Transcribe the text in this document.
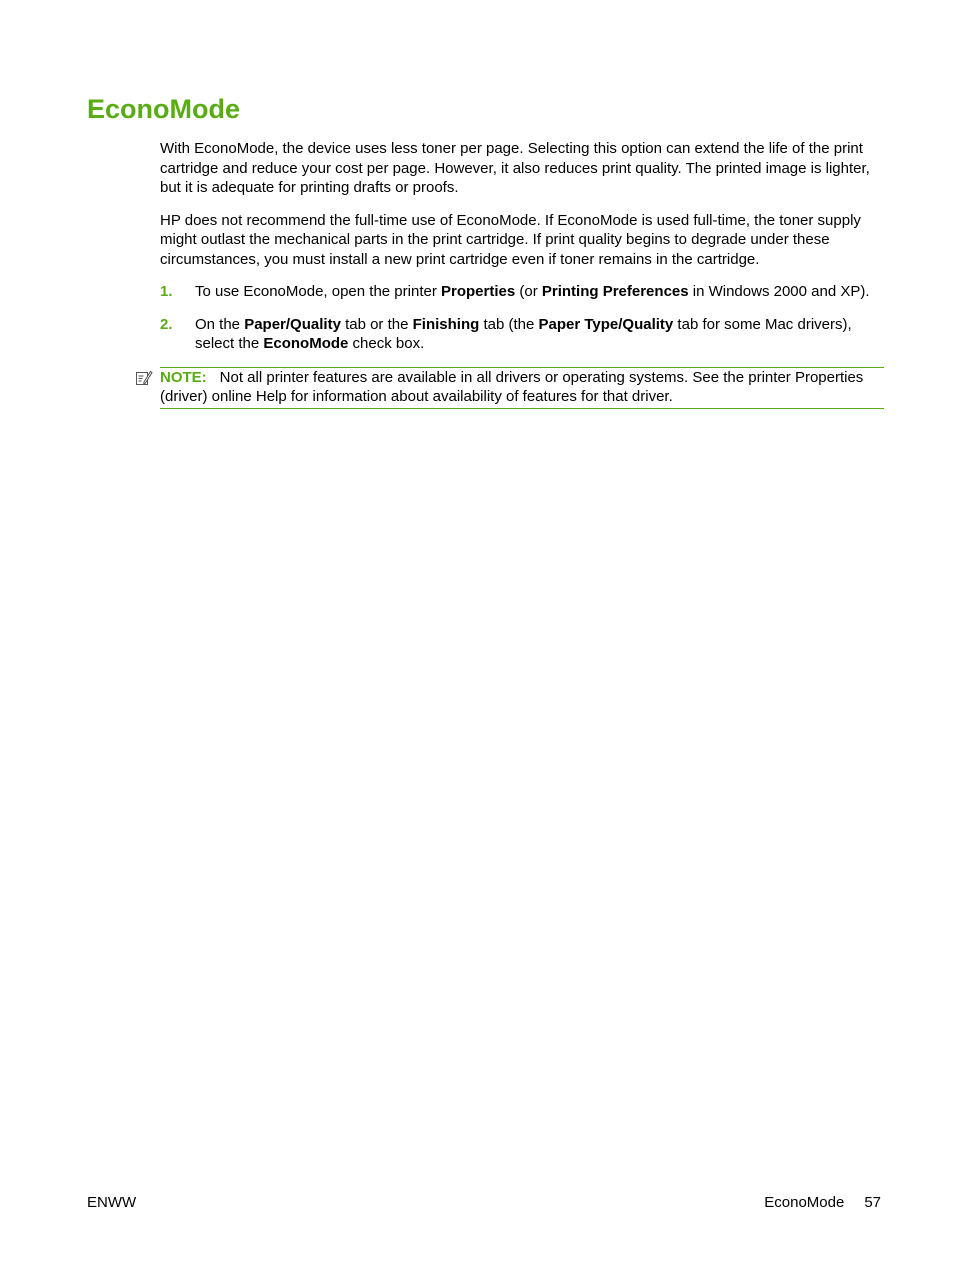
EconoMode

With EconoMode, the device uses less toner per page. Selecting this option can extend the life of the print cartridge and reduce your cost per page. However, it also reduces print quality. The printed image is lighter, but it is adequate for printing drafts or proofs.

HP does not recommend the full-time use of EconoMode. If EconoMode is used full-time, the toner supply might outlast the mechanical parts in the print cartridge. If print quality begins to degrade under these circumstances, you must install a new print cartridge even if toner remains in the cartridge.

1. To use EconoMode, open the printer Properties (or Printing Preferences in Windows 2000 and XP).
2. On the Paper/Quality tab or the Finishing tab (the Paper Type/Quality tab for some Mac drivers), select the EconoMode check box.
NOTE: Not all printer features are available in all drivers or operating systems. See the printer Properties (driver) online Help for information about availability of features for that driver.
ENWW	EconoMode 57
